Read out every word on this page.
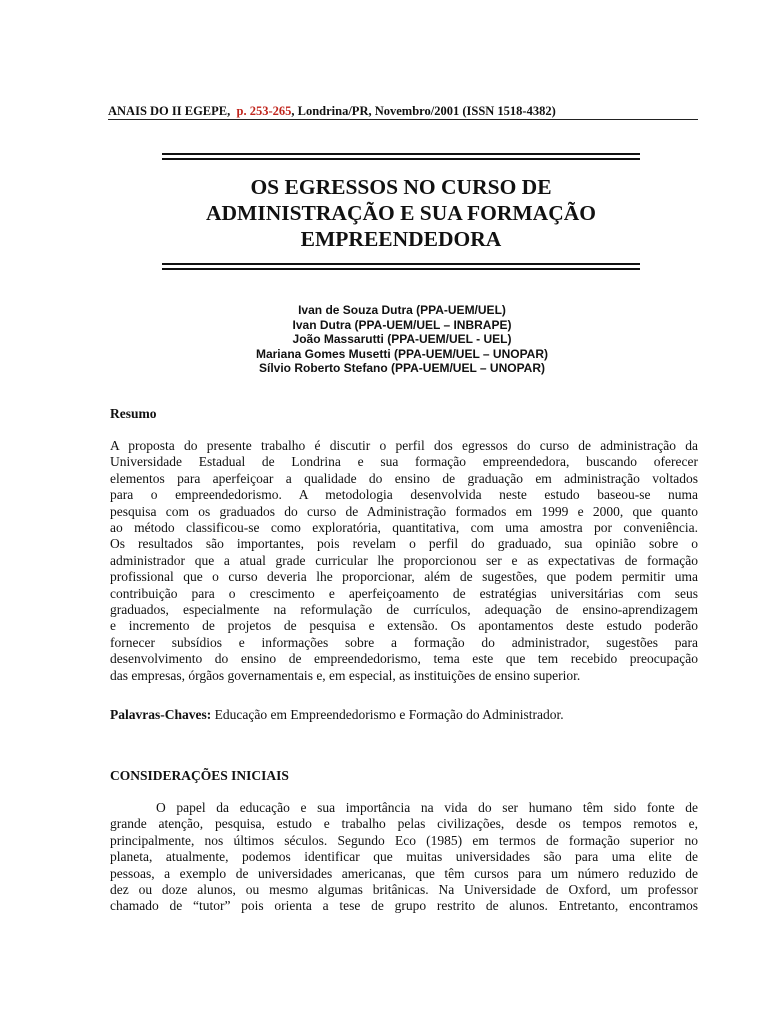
ANAIS DO II EGEPE, p. 253-265, Londrina/PR, Novembro/2001 (ISSN 1518-4382)
OS EGRESSOS NO CURSO DE
ADMINISTRAÇÃO E SUA FORMAÇÃO
EMPREENDEDORA
Ivan de Souza Dutra (PPA-UEM/UEL)
Ivan Dutra (PPA-UEM/UEL – INBRAPE)
João Massarutti (PPA-UEM/UEL - UEL)
Mariana Gomes Musetti (PPA-UEM/UEL – UNOPAR)
Sílvio Roberto Stefano (PPA-UEM/UEL – UNOPAR)
Resumo
A proposta do presente trabalho é discutir o perfil dos egressos do curso de administração da
Universidade Estadual de Londrina e sua formação empreendedora, buscando oferecer
elementos para aperfeiçoar a qualidade do ensino de graduação em administração voltados
para o empreendedorismo. A metodologia desenvolvida neste estudo baseou-se numa
pesquisa com os graduados do curso de Administração formados em 1999 e 2000, que quanto
ao método classificou-se como exploratória, quantitativa, com uma amostra por conveniência.
Os resultados são importantes, pois revelam o perfil do graduado, sua opinião sobre o
administrador que a atual grade curricular lhe proporcionou ser e as expectativas de formação
profissional que o curso deveria lhe proporcionar, além de sugestões, que podem permitir uma
contribuição para o crescimento e aperfeiçoamento de estratégias universitárias com seus
graduados, especialmente na reformulação de currículos, adequação de ensino-aprendizagem
e incremento de projetos de pesquisa e extensão. Os apontamentos deste estudo poderão
fornecer subsídios e informações sobre a formação do administrador, sugestões para
desenvolvimento do ensino de empreendedorismo, tema este que tem recebido preocupação
das empresas, órgãos governamentais e, em especial, as instituições de ensino superior.
Palavras-Chaves: Educação em Empreendedorismo e Formação do Administrador.
CONSIDERAÇÕES INICIAIS
O papel da educação e sua importância na vida do ser humano têm sido fonte de
grande atenção, pesquisa, estudo e trabalho pelas civilizações, desde os tempos remotos e,
principalmente, nos últimos séculos. Segundo Eco (1985) em termos de formação superior no
planeta, atualmente, podemos identificar que muitas universidades são para uma elite de
pessoas, a exemplo de universidades americanas, que têm cursos para um número reduzido de
dez ou doze alunos, ou mesmo algumas britânicas. Na Universidade de Oxford, um professor
chamado de “tutor” pois orienta a tese de grupo restrito de alunos. Entretanto, encontramos
